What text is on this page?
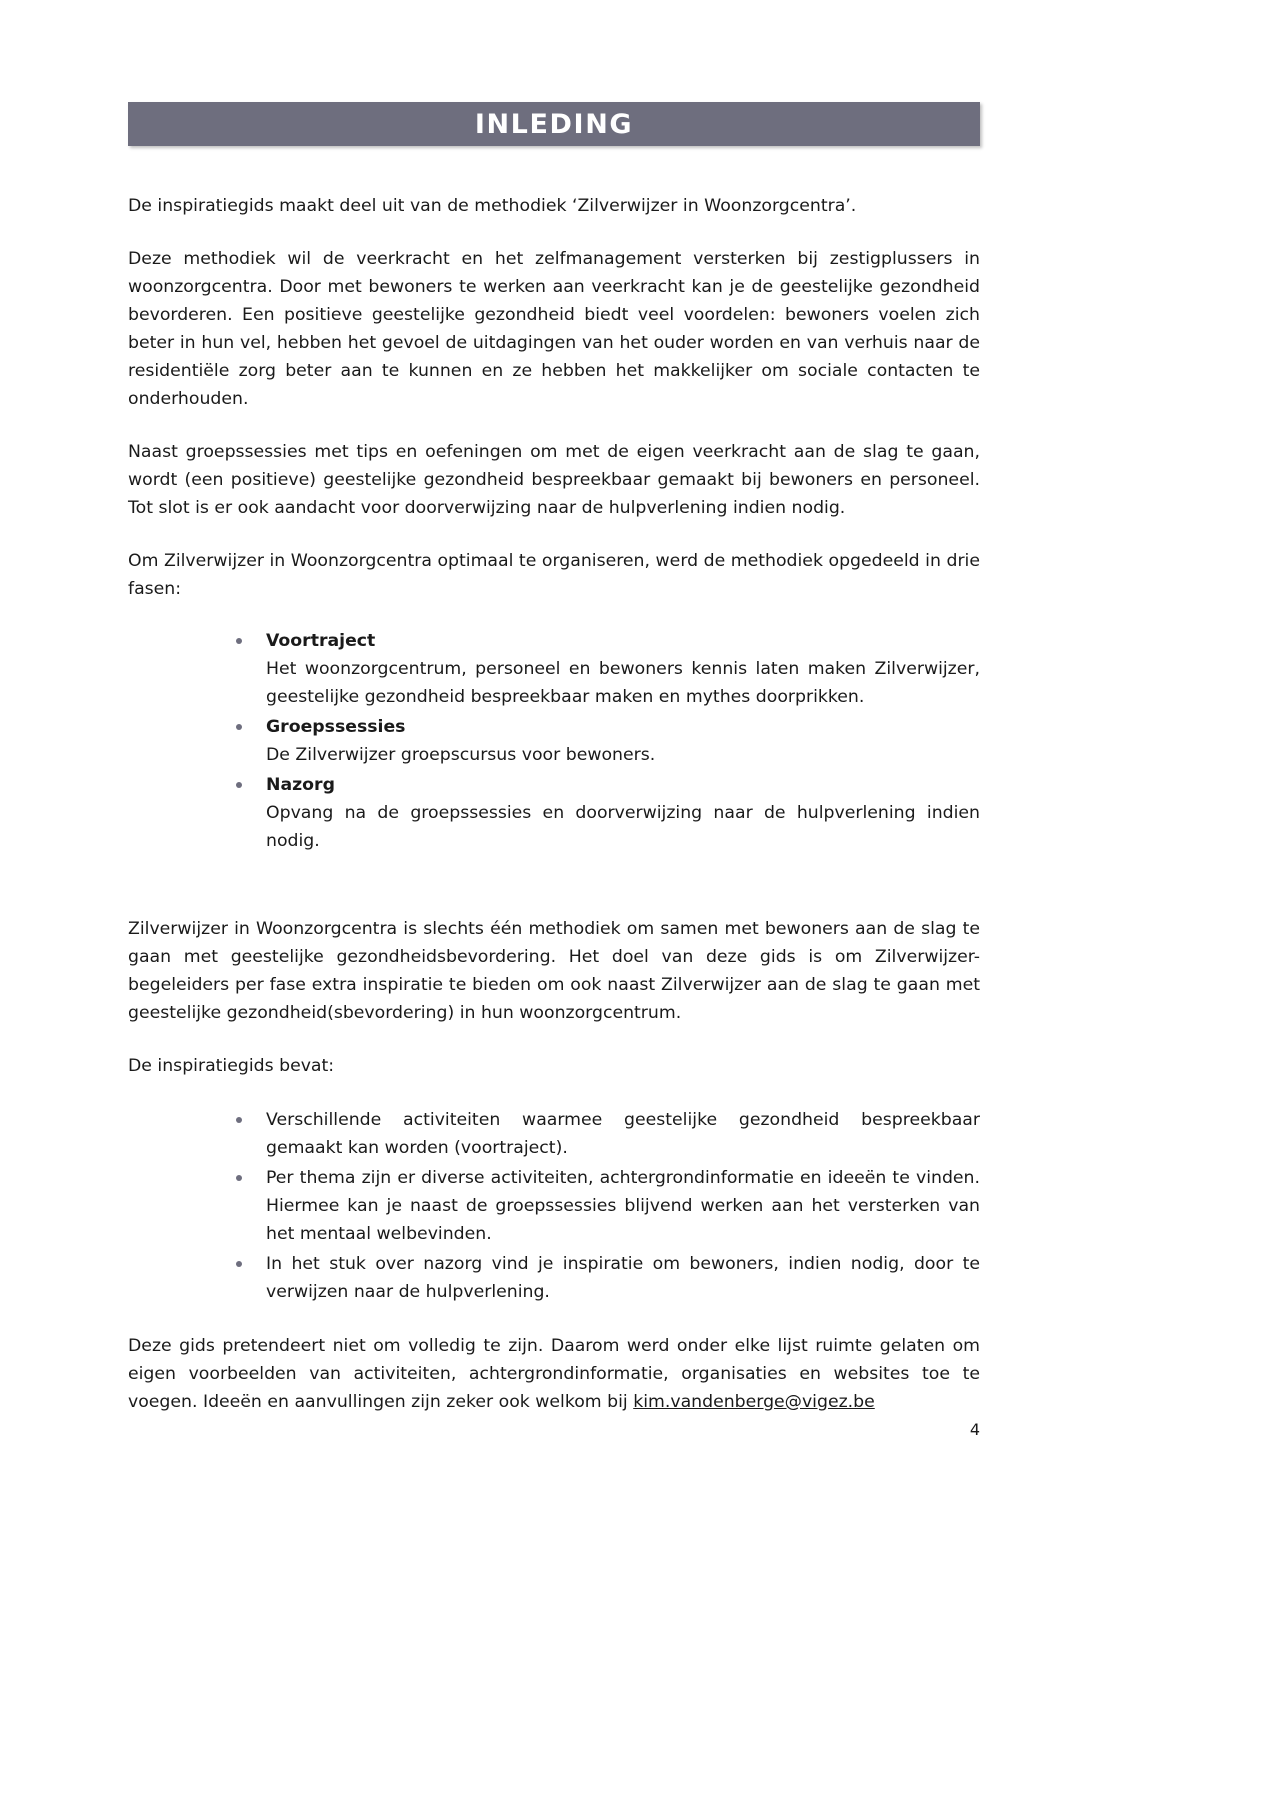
INLEDING

De inspiratiegids maakt deel uit van de methodiek ‘Zilverwijzer in Woonzorgcentra’.

Deze methodiek wil de veerkracht en het zelfmanagement versterken bij zestigplussers in woonzorgcentra. Door met bewoners te werken aan veerkracht kan je de geestelijke gezondheid bevorderen. Een positieve geestelijke gezondheid biedt veel voordelen: bewoners voelen zich beter in hun vel, hebben het gevoel de uitdagingen van het ouder worden en van verhuis naar de residentiële zorg beter aan te kunnen en ze hebben het makkelijker om sociale contacten te onderhouden.

Naast groepssessies met tips en oefeningen om met de eigen veerkracht aan de slag te gaan, wordt (een positieve) geestelijke gezondheid bespreekbaar gemaakt bij bewoners en personeel. Tot slot is er ook aandacht voor doorverwijzing naar de hulpverlening indien nodig.

Om Zilverwijzer in Woonzorgcentra optimaal te organiseren, werd de methodiek opgedeeld in drie fasen:

Voortraject
Het woonzorgcentrum, personeel en bewoners kennis laten maken Zilverwijzer, geestelijke gezondheid bespreekbaar maken en mythes doorprikken.
Groepssessies
De Zilverwijzer groepscursus voor bewoners.
Nazorg
Opvang na de groepssessies en doorverwijzing naar de hulpverlening indien nodig.

Zilverwijzer in Woonzorgcentra is slechts één methodiek om samen met bewoners aan de slag te gaan met geestelijke gezondheidsbevordering. Het doel van deze gids is om Zilverwijzer-begeleiders per fase extra inspiratie te bieden om ook naast Zilverwijzer aan de slag te gaan met geestelijke gezondheid(sbevordering) in hun woonzorgcentrum.

De inspiratiegids bevat:

Verschillende activiteiten waarmee geestelijke gezondheid bespreekbaar gemaakt kan worden (voortraject).
Per thema zijn er diverse activiteiten, achtergrondinformatie en ideeën te vinden. Hiermee kan je naast de groepssessies blijvend werken aan het versterken van het mentaal welbevinden.
In het stuk over nazorg vind je inspiratie om bewoners, indien nodig, door te verwijzen naar de hulpverlening.

Deze gids pretendeert niet om volledig te zijn. Daarom werd onder elke lijst ruimte gelaten om eigen voorbeelden van activiteiten, achtergrondinformatie, organisaties en websites toe te voegen. Ideeën en aanvullingen zijn zeker ook welkom bij kim.vandenberge@vigez.be

4
